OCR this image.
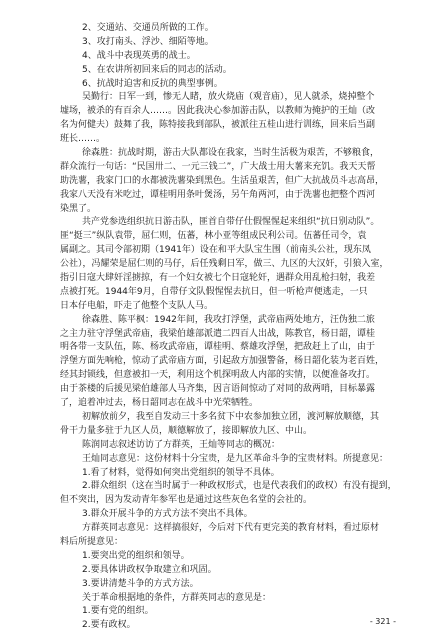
2、交通站、交通员所做的工作。
3、攻打南头、浮沙、细陌等地。
4、战斗中表现英勇的战士。
5、在农讲所初回来后的同志的活动。
6、抗战时迫害和反抗的典型事例。
吴勤行：日军一到，惨无人睹，放火烧庙（观音庙），见人就杀，烧掉整个
墟场，被杀的有百余人……。因此我决心参加游击队，以教师为掩护的王灿（改
名为何健夫）鼓舞了我，陈特接我到部队，被派往五桂山进行训练，回来后当副
班长……。
徐森胜：抗战时期，游击大队都设在我家，当时生活极为艰苦，不够粮食，
群众流行一句话：“民国卅二、一元三钱二”，广大战士用大薯来充饥。我天天帮
助洗薯，我家门口的水都被洗薯染到黑色。生活虽艰苦，但广大抗战员斗志高昂，
我家八天没有米吃过，谭桂明用条叶煲汤，另午角两河，由于洗薯也把整个西河
染黑了。
共产党参选组织抗日游击队，匪首自带仔仕假惺惺起来组织“抗日别动队”。
匪“挺三”纵队袁带，屈仁则，伍蕃，林小亚等组成民利公司。伍蕃任司令，袁
属副之。其司令部初期（1941年）设在和平大队宝生围（前南头公社，现东凤
公社），冯耀荣是屈仁则的马仔，后任残剩日军，做三、九区的大汉奸，引狼入室，
指引日寇大肆奸淫掳掠，有一个妇女被七个日寇轮奸，遇群众用乱枪扫射，我差
点被打死。1944年9月，自带仔文队假惺惺去抗日，但一听枪声便逃走，一只
日本仔电船，吓走了他整个支队人马。
徐森胜、陈平枫：1942年间，我攻打浮堡，武帝庙两处地方，汪伪独二旅
之主力驻守浮堡武帝庙，我梁伯雄部派遣二四百人出战，陈教官，杨日韶，谭桂
明各带一支队伍，陈、杨攻武帝庙，谭桂明、蔡雄攻浮堡，把敌赶上了山，由于
浮堡方面先响枪，惊动了武帝庙方面，引起敌方加强警备，杨日韶化装为老百姓，
经其封锁线，但意被扣一天，利用这个机探明敌人内部的实情，以便准备攻打。
由于茶楼的后援见梁伯雄部人马齐集，因言语间惊动了对同的敌两哨，目标暴露
了，追着冲过去，杨日韶同志在战斗中光荣牺牲。
初解放前夕，我至自发动三十多名贫下中农参加独立团，渡河解放顺德，其
骨干力量多驻于九区人员，顺德解放了，接即解放九区、中山。
陈润同志叙述访访了方群英，王灿等同志的概况：
王灿同志意见：这份材料十分宝贵，是九区革命斗争的宝贵材料。所提意见：
1.看了材料，觉得如何突出党组织的领导不具体。
2.群众组织（这在当时属于一种政权形式，也是代表我们的政权）有没有提到，
但不突出，因为发动青年参军也是通过这些灰色名堂的会社的。
3.群众开展斗争的方式方法不突出不具体。
方群英同志意见：这样搞很好，今后对下代有更完美的教育材料，看过原材
料后所提意见：
1.要突出党的组织和领导。
2.要具体讲政权争取建立和巩固。
3.要讲清楚斗争的方式方法。
关于革命根据地的条件，方群英同志的意见是：
1.要有党的组织。
2.要有政权。	- 321 -
